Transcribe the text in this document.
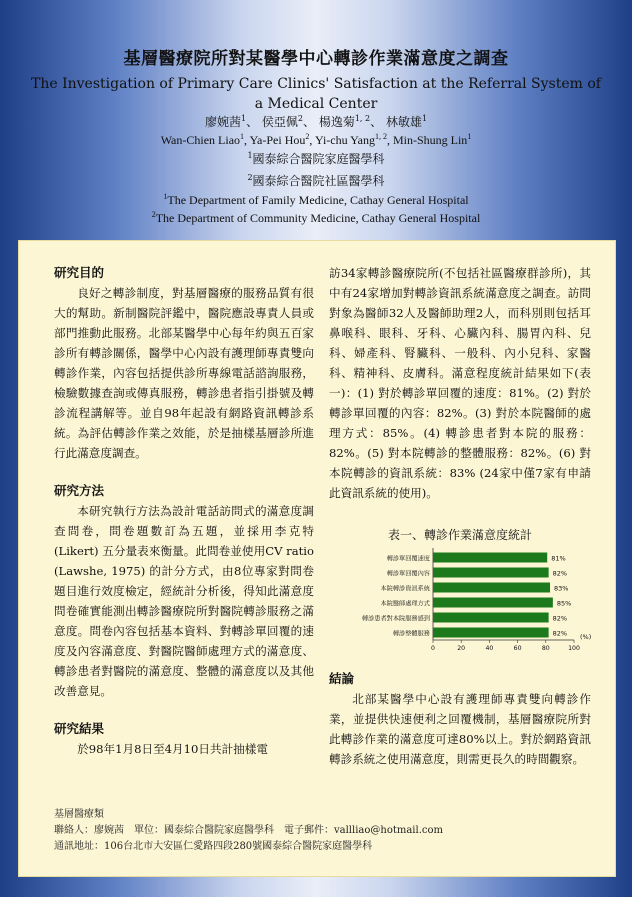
基層醫療院所對某醫學中心轉診作業滿意度之調查
The Investigation of Primary Care Clinics' Satisfaction at the Referral System of
a Medical Center
廖婉茜$^1$、 侯亞佩$^2$、 楊逸菊$^{1, 2}$、 林敏雄$^1$
Wan-Chien Liao$^1$, Ya-Pei Hou$^2$, Yi-chu Yang$^{1, 2}$, Min-Shung Lin$^1$
$^1$國泰綜合醫院家庭醫學科
$^2$國泰綜合醫院社區醫學科
$^1$The Department of Family Medicine, Cathay General Hospital
$^2$The Department of Community Medicine, Cathay General Hospital

研究目的

良好之轉診制度，對基層醫療的服務品質有很大的幫助。新制醫院評鑑中，醫院應設專責人員或部門推動此服務。北部某醫學中心每年約與五百家診所有轉診關係，醫學中心內設有護理師專責雙向轉診作業，內容包括提供診所專線電話諮詢服務，檢驗數據查詢或傳真服務，轉診患者指引掛號及轉診流程講解等。並自98年起設有網路資訊轉診系統。為評估轉診作業之效能，於是抽樣基層診所進行此滿意度調查。

研究方法

本研究執行方法為設計電話訪問式的滿意度調查問卷，問卷題數訂為五題，並採用李克特 (Likert) 五分量表來衡量。此問卷並使用CV ratio (Lawshe, 1975) 的計分方式，由8位專家對問卷題目進行效度檢定，經統計分析後，得知此滿意度問卷確實能測出轉診醫療院所對醫院轉診服務之滿意度。問卷內容包括基本資料、對轉診單回覆的速度及內容滿意度、對醫院醫師處理方式的滿意度、轉診患者對醫院的滿意度、整體的滿意度以及其他改善意見。

研究結果

於98年1月8日至4月10日共計抽樣電

訪34家轉診醫療院所(不包括社區醫療群診所)，其中有24家增加對轉診資訊系統滿意度之調查。訪問對象為醫師32人及醫師助理2人，而科別則包括耳鼻喉科、眼科、牙科、心臟內科、腸胃內科、兒科、婦產科、腎臟科、一般科、內小兒科、家醫科、精神科、皮膚科。滿意程度統計結果如下(表一)：(1) 對於轉診單回覆的速度：81%。(2) 對於轉診單回覆的內容：82%。(3) 對於本院醫師的處理方式：85%。(4) 轉診患者對本院的服務：82%。(5) 對本院轉診的整體服務：82%。(6) 對本院轉診的資訊系統：83% (24家中僅7家有申請此資訊系統的使用)。

表一、轉診作業滿意度統計

轉診單回覆速度	81%
轉診單回覆內容	82%
本院轉診資訊系統	83%
本院醫師處理方式	85%
轉診患者對本院服務感到	82%
轉診整體服務	82%
0	20	40	60	80	100
(%)

結論

北部某醫學中心設有護理師專責雙向轉診作業，並提供快速便利之回覆機制，基層醫療院所對此轉診作業的滿意度可達80%以上。對於網路資訊轉診系統之使用滿意度，則需更長久的時間觀察。

基層醫療類
聯絡人：廖婉茜　單位：國泰綜合醫院家庭醫學科　電子郵件：vallliao@hotmail.com
通訊地址：106台北市大安區仁愛路四段280號國泰綜合醫院家庭醫學科
